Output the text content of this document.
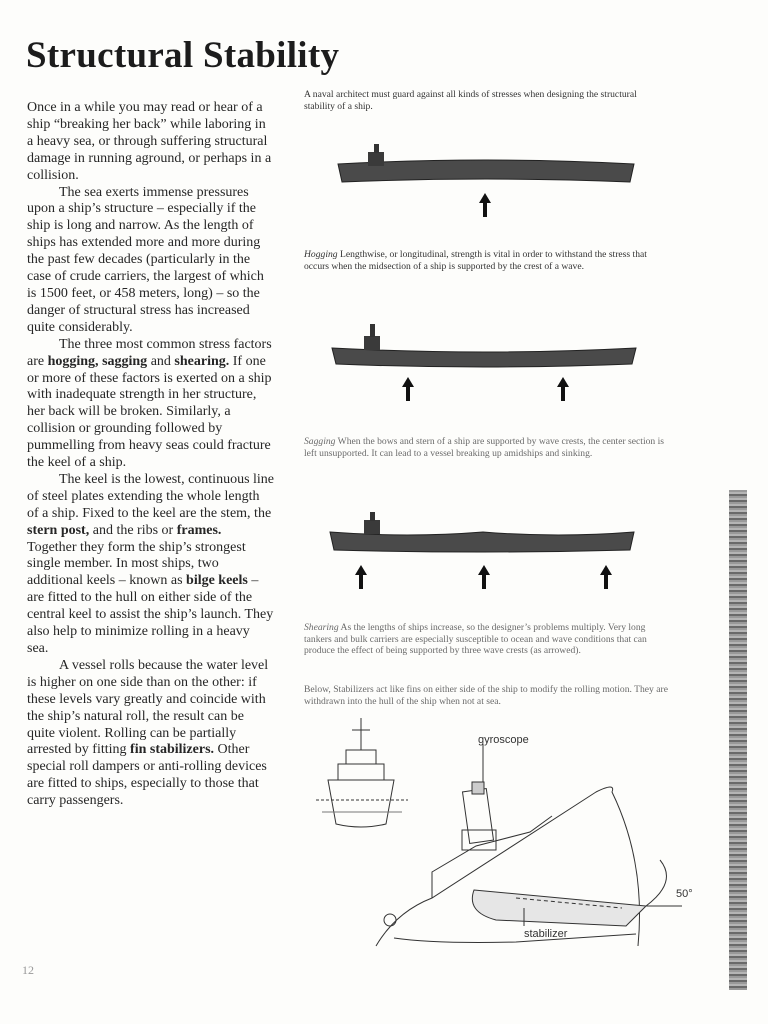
Structural Stability

Once in a while you may read or hear of a ship “breaking her back” while laboring in a heavy sea, or through suffering structural damage in running aground, or perhaps in a collision.

The sea exerts immense pressures upon a ship’s structure – especially if the ship is long and narrow. As the length of ships has extended more and more during the past few decades (particularly in the case of crude carriers, the largest of which is 1500 feet, or 458 meters, long) – so the danger of structural stress has increased quite considerably.

The three most common stress factors are hogging, sagging and shearing. If one or more of these factors is exerted on a ship with inadequate strength in her structure, her back will be broken. Similarly, a collision or grounding followed by pummelling from heavy seas could fracture the keel of a ship.

The keel is the lowest, continuous line of steel plates extending the whole length of a ship. Fixed to the keel are the stem, the stern post, and the ribs or frames. Together they form the ship’s strongest single member. In most ships, two additional keels – known as bilge keels – are fitted to the hull on either side of the central keel to assist the ship’s launch. They also help to minimize rolling in a heavy sea.

A vessel rolls because the water level is higher on one side than on the other: if these levels vary greatly and coincide with the ship’s natural roll, the result can be quite violent. Rolling can be partially arrested by fitting fin stabilizers. Other special roll dampers or anti-rolling devices are fitted to ships, especially to those that carry passengers.

A naval architect must guard against all kinds of stresses when designing the structural stability of a ship.
Hogging Lengthwise, or longitudinal, strength is vital in order to withstand the stress that occurs when the midsection of a ship is supported by the crest of a wave.
Sagging When the bows and stern of a ship are supported by wave crests, the center section is left unsupported. It can lead to a vessel breaking up amidships and sinking.
Shearing As the lengths of ships increase, so the designer’s problems multiply. Very long tankers and bulk carriers are especially susceptible to ocean and wave conditions that can produce the effect of being supported by three wave crests (as arrowed).
Below, Stabilizers act like fins on either side of the ship to modify the rolling motion. They are withdrawn into the hull of the ship when not at sea.
gyroscope
stabilizer
50°
12
